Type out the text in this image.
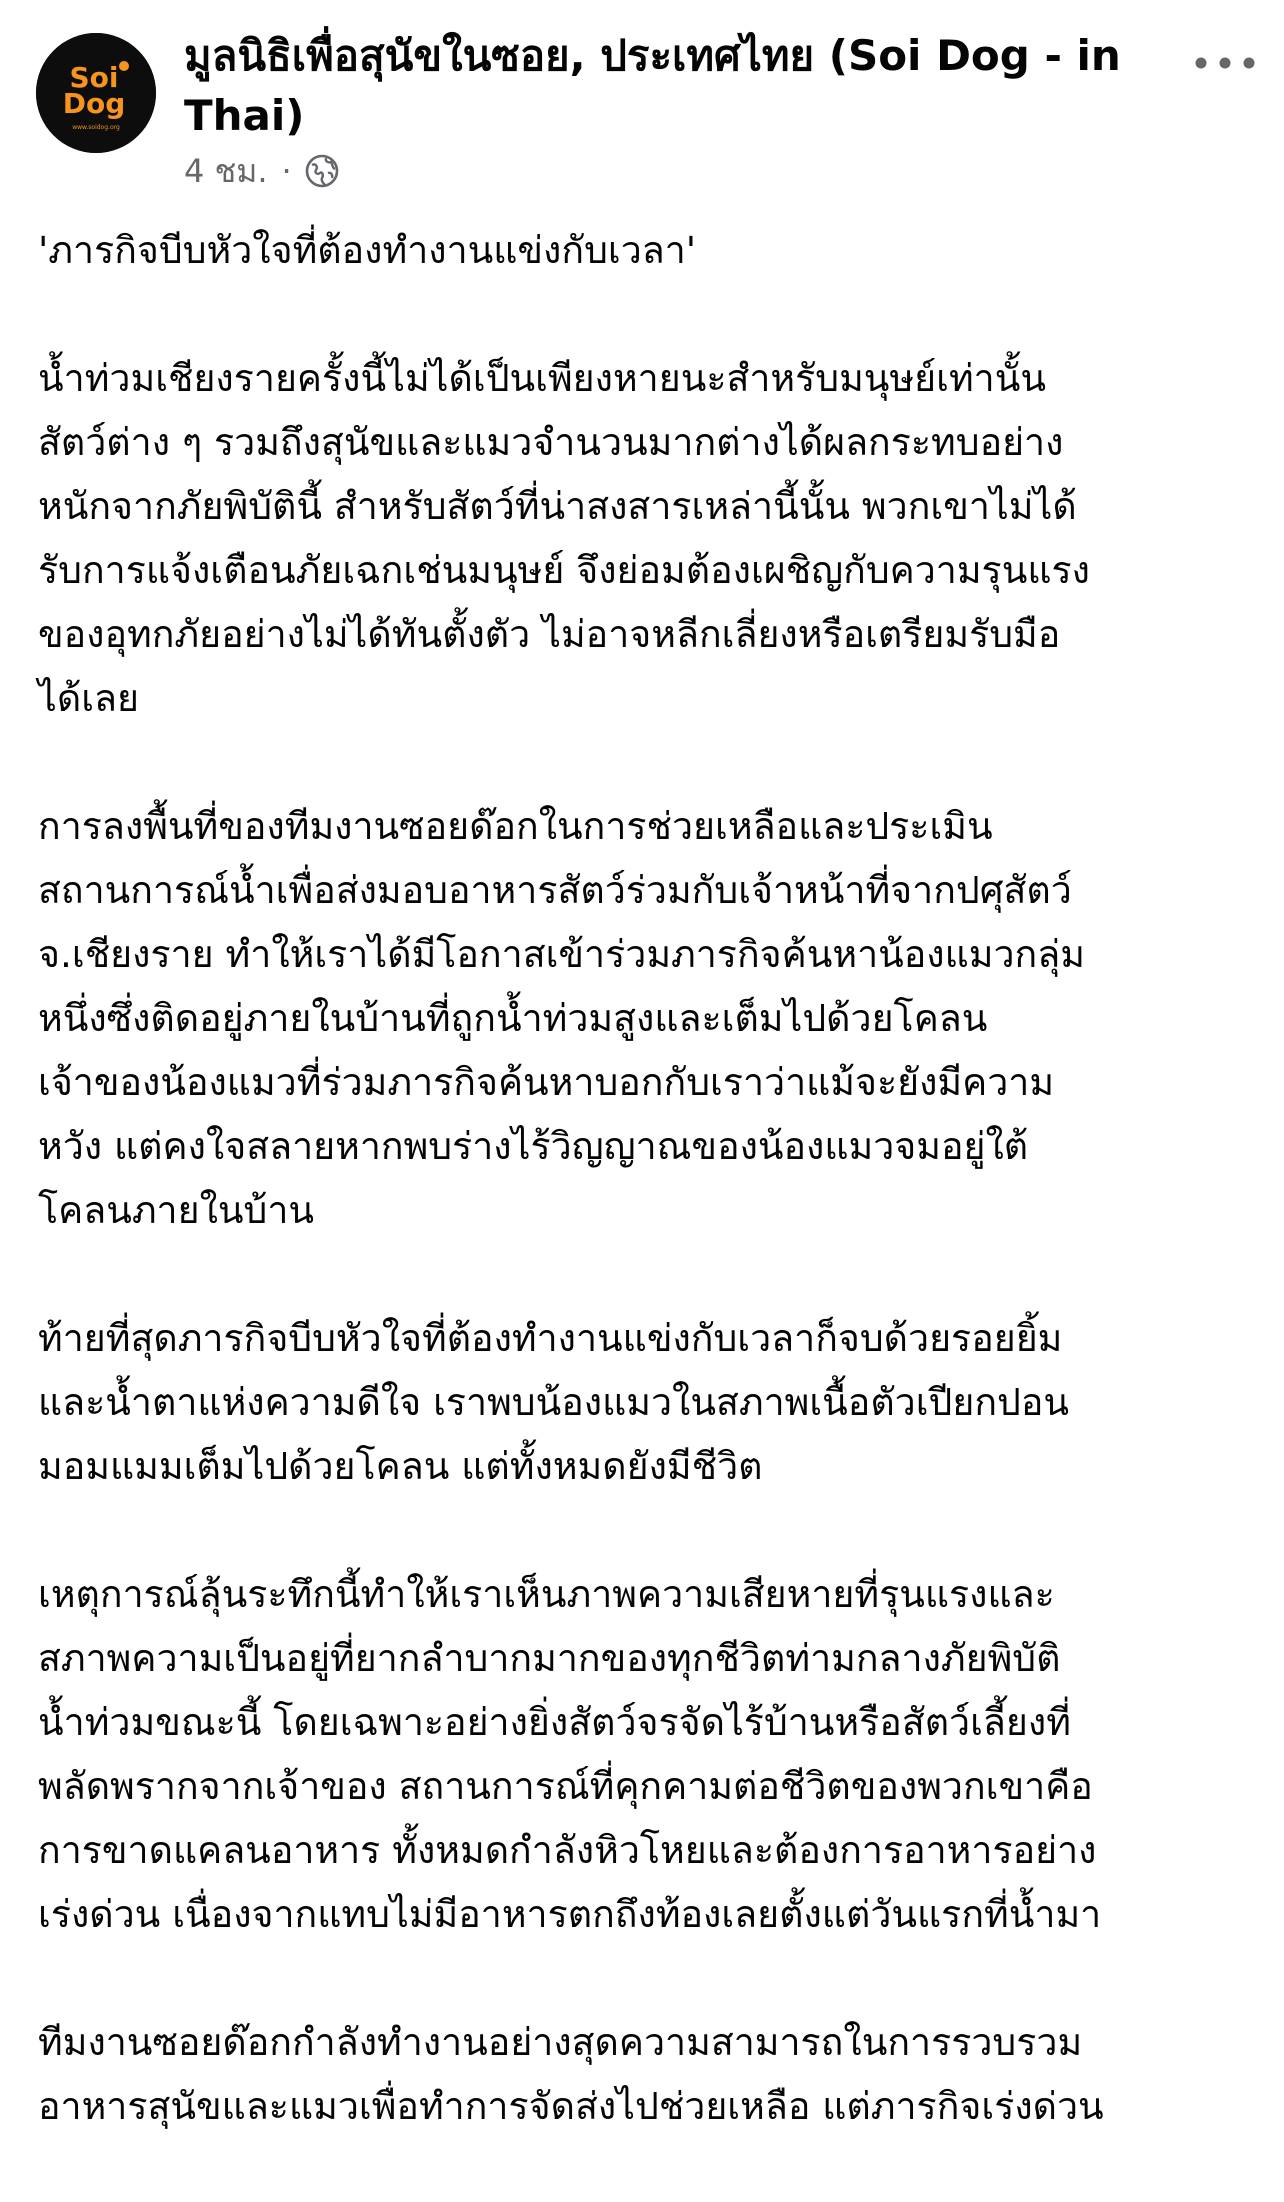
Soi
Dog
www.soidog.org
มูลนิธิเพื่อสุนัขในซอย, ประเทศไทย (Soi Dog - in
Thai)
4 ชม. ·

'ภารกิจบีบหัวใจที่ต้องทำงานแข่งกับเวลา'

น้ำท่วมเชียงรายครั้งนี้ไม่ได้เป็นเพียงหายนะสำหรับมนุษย์เท่านั้น
สัตว์ต่าง ๆ รวมถึงสุนัขและแมวจำนวนมากต่างได้ผลกระทบอย่าง
หนักจากภัยพิบัตินี้ สำหรับสัตว์ที่น่าสงสารเหล่านี้นั้น พวกเขาไม่ได้
รับการแจ้งเตือนภัยเฉกเช่นมนุษย์ จึงย่อมต้องเผชิญกับความรุนแรง
ของอุทกภัยอย่างไม่ได้ทันตั้งตัว ไม่อาจหลีกเลี่ยงหรือเตรียมรับมือ
ได้เลย

การลงพื้นที่ของทีมงานซอยด๊อกในการช่วยเหลือและประเมิน
สถานการณ์น้ำเพื่อส่งมอบอาหารสัตว์ร่วมกับเจ้าหน้าที่จากปศุสัตว์
จ.เชียงราย ทำให้เราได้มีโอกาสเข้าร่วมภารกิจค้นหาน้องแมวกลุ่ม
หนึ่งซึ่งติดอยู่ภายในบ้านที่ถูกน้ำท่วมสูงและเต็มไปด้วยโคลน
เจ้าของน้องแมวที่ร่วมภารกิจค้นหาบอกกับเราว่าแม้จะยังมีความ
หวัง แต่คงใจสลายหากพบร่างไร้วิญญาณของน้องแมวจมอยู่ใต้
โคลนภายในบ้าน

ท้ายที่สุดภารกิจบีบหัวใจที่ต้องทำงานแข่งกับเวลาก็จบด้วยรอยยิ้ม
และน้ำตาแห่งความดีใจ เราพบน้องแมวในสภาพเนื้อตัวเปียกปอน
มอมแมมเต็มไปด้วยโคลน แต่ทั้งหมดยังมีชีวิต

เหตุการณ์ลุ้นระทึกนี้ทำให้เราเห็นภาพความเสียหายที่รุนแรงและ
สภาพความเป็นอยู่ที่ยากลำบากมากของทุกชีวิตท่ามกลางภัยพิบัติ
น้ำท่วมขณะนี้ โดยเฉพาะอย่างยิ่งสัตว์จรจัดไร้บ้านหรือสัตว์เลี้ยงที่
พลัดพรากจากเจ้าของ สถานการณ์ที่คุกคามต่อชีวิตของพวกเขาคือ
การขาดแคลนอาหาร ทั้งหมดกำลังหิวโหยและต้องการอาหารอย่าง
เร่งด่วน เนื่องจากแทบไม่มีอาหารตกถึงท้องเลยตั้งแต่วันแรกที่น้ำมา

ทีมงานซอยด๊อกกำลังทำงานอย่างสุดความสามารถในการรวบรวม
อาหารสุนัขและแมวเพื่อทำการจัดส่งไปช่วยเหลือ แต่ภารกิจเร่งด่วน
